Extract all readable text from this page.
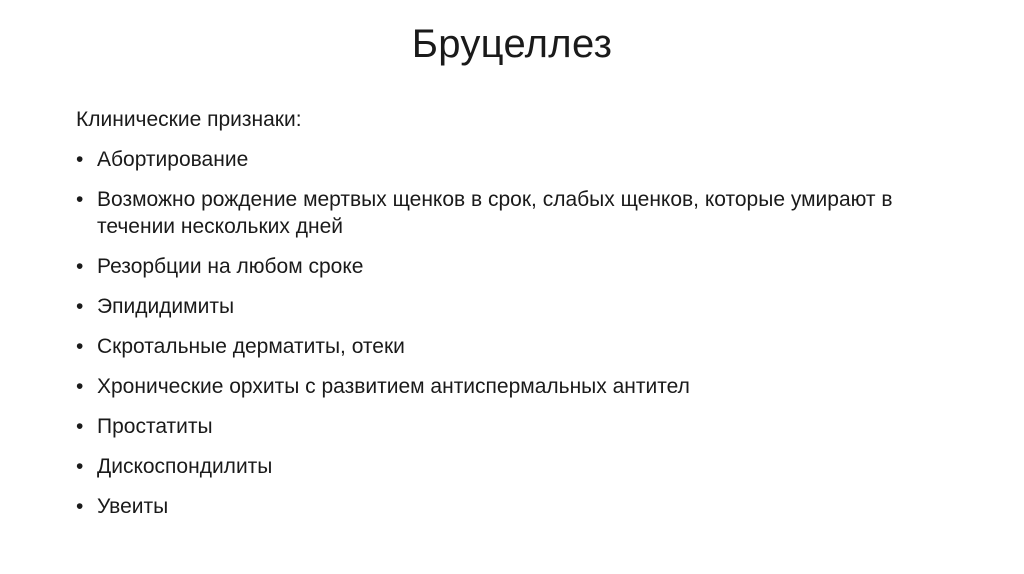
Бруцеллез

Клинические признаки:

• Абортирование
• Возможно рождение мертвых щенков в срок, слабых щенков, которые умирают в течении нескольких дней
• Резорбции на любом сроке
• Эпидидимиты
• Скротальные дерматиты, отеки
• Хронические орхиты с развитием антиспермальных антител
• Простатиты
• Дискоспондилиты
• Увеиты
